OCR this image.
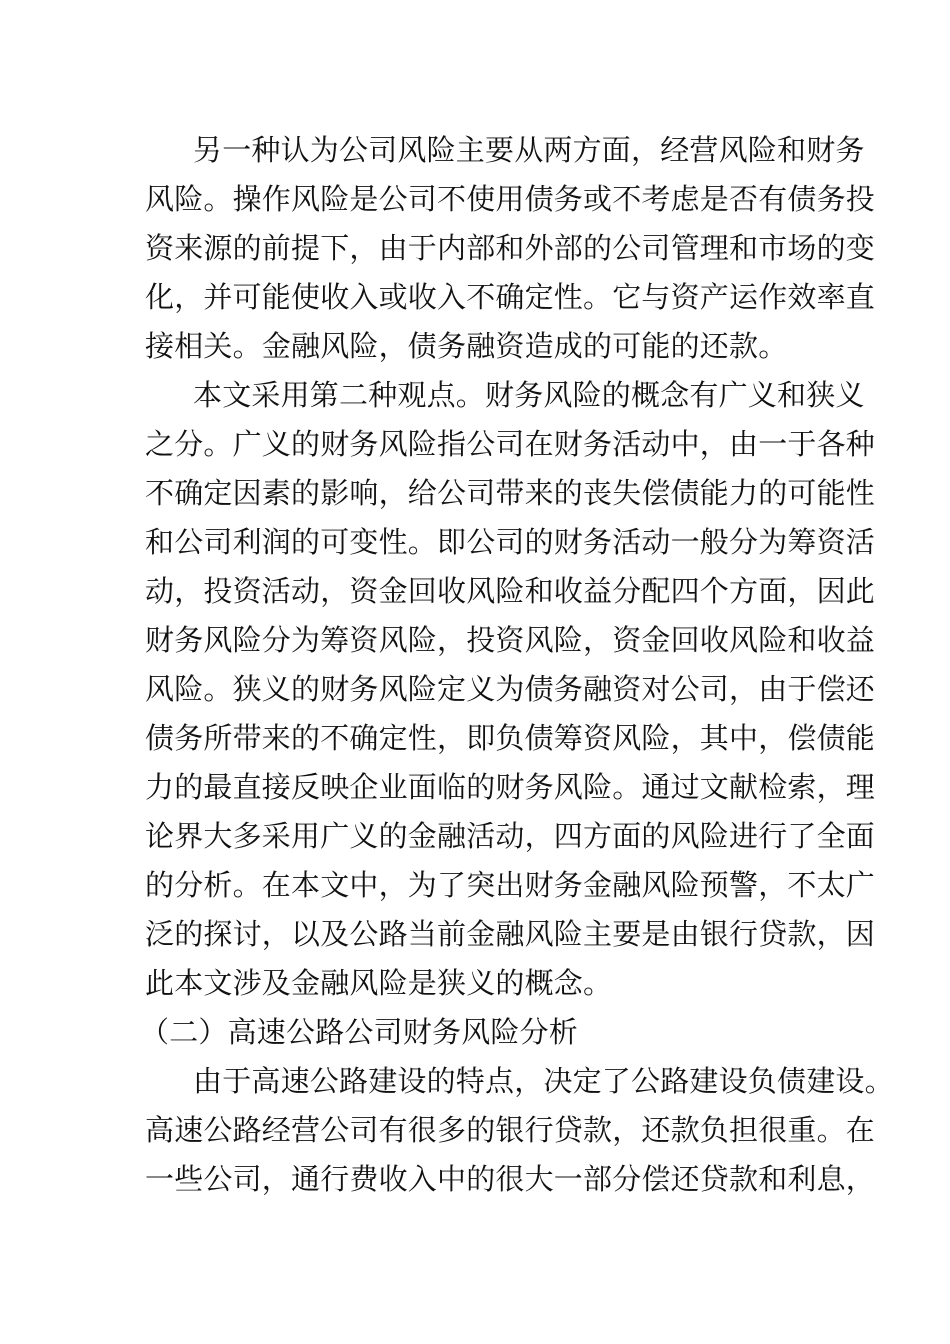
另一种认为公司风险主要从两方面，经营风险和财务
风险。操作风险是公司不使用债务或不考虑是否有债务投
资来源的前提下，由于内部和外部的公司管理和市场的变
化，并可能使收入或收入不确定性。它与资产运作效率直
接相关。金融风险，债务融资造成的可能的还款。
本文采用第二种观点。财务风险的概念有广义和狭义
之分。广义的财务风险指公司在财务活动中，由一于各种
不确定因素的影响，给公司带来的丧失偿债能力的可能性
和公司利润的可变性。即公司的财务活动一般分为筹资活
动，投资活动，资金回收风险和收益分配四个方面，因此
财务风险分为筹资风险，投资风险，资金回收风险和收益
风险。狭义的财务风险定义为债务融资对公司，由于偿还
债务所带来的不确定性，即负债筹资风险，其中，偿债能
力的最直接反映企业面临的财务风险。通过文献检索，理
论界大多采用广义的金融活动，四方面的风险进行了全面
的分析。在本文中，为了突出财务金融风险预警，不太广
泛的探讨，以及公路当前金融风险主要是由银行贷款，因
此本文涉及金融风险是狭义的概念。
（二）高速公路公司财务风险分析
由于高速公路建设的特点，决定了公路建设负债建设。
高速公路经营公司有很多的银行贷款，还款负担很重。在
一些公司，通行费收入中的很大一部分偿还贷款和利息，
